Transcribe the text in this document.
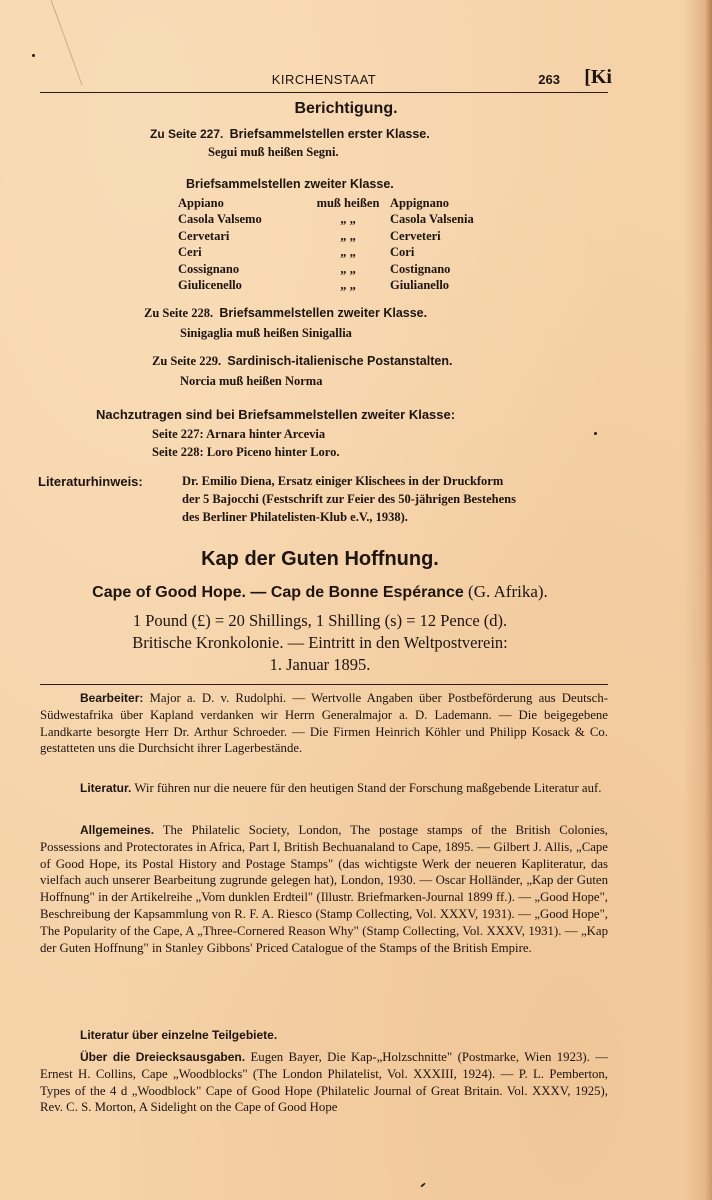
KIRCHENSTAAT	263 [Ki
Berichtigung.
Zu Seite 227. Briefsammelstellen erster Klasse.
Segui muß heißen Segni.
Briefsammelstellen zweiter Klasse.
Appiano	muß heißen	Appignano
Casola Valsemo	„ „	Casola Valsenia
Cervetari	„ „	Cerveteri
Ceri	„ „	Cori
Cossignano	„ „	Costignano
Giulicenello	„ „	Giulianello
Zu Seite 228. Briefsammelstellen zweiter Klasse.
Sinigaglia muß heißen Sinigallia
Zu Seite 229. Sardinisch-italienische Postanstalten.
Norcia muß heißen Norma
Nachzutragen sind bei Briefsammelstellen zweiter Klasse:
Seite 227: Arnara hinter Arcevia
Seite 228: Loro Piceno hinter Loro.
Literaturhinweis:	Dr. Emilio Diena, Ersatz einiger Klischees in der Druckform
der 5 Bajocchi (Festschrift zur Feier des 50-jährigen Bestehens
des Berliner Philatelisten-Klub e.V., 1938).
Kap der Guten Hoffnung.
Cape of Good Hope. — Cap de Bonne Espérance (G. Afrika).
1 Pound (£) = 20 Shillings, 1 Shilling (s) = 12 Pence (d).
Britische Kronkolonie. — Eintritt in den Weltpostverein:
1. Januar 1895.
Bearbeiter: Major a. D. v. Rudolphi. — Wertvolle Angaben über Postbeförderung aus Deutsch-Südwestafrika über Kapland verdanken wir Herrn Generalmajor a. D. Lademann. — Die beigegebene Landkarte besorgte Herr Dr. Arthur Schroeder. — Die Firmen Heinrich Köhler und Philipp Kosack & Co. gestatteten uns die Durchsicht ihrer Lagerbestände.
Literatur. Wir führen nur die neuere für den heutigen Stand der Forschung maßgebende Literatur auf.
Allgemeines. The Philatelic Society, London, The postage stamps of the British Colonies, Possessions and Protectorates in Africa, Part I, British Bechuanaland to Cape, 1895. — Gilbert J. Allis, „Cape of Good Hope, its Postal History and Postage Stamps" (das wichtigste Werk der neueren Kapliteratur, das vielfach auch unserer Bearbeitung zugrunde gelegen hat), London, 1930. — Oscar Holländer, „Kap der Guten Hoffnung" in der Artikelreihe „Vom dunklen Erdteil" (Illustr. Briefmarken-Journal 1899 ff.). — „Good Hope", Beschreibung der Kapsammlung von R. F. A. Riesco (Stamp Collecting, Vol. XXXV, 1931). — „Good Hope", The Popularity of the Cape, A „Three-Cornered Reason Why" (Stamp Collecting, Vol. XXXV, 1931). — „Kap der Guten Hoffnung" in Stanley Gibbons' Priced Catalogue of the Stamps of the British Empire.
Literatur über einzelne Teilgebiete.
Über die Dreiecksausgaben. Eugen Bayer, Die Kap-„Holzschnitte" (Postmarke, Wien 1923). — Ernest H. Collins, Cape „Woodblocks" (The London Philatelist, Vol. XXXIII, 1924). — P. L. Pemberton, Types of the 4 d „Woodblock" Cape of Good Hope (Philatelic Journal of Great Britain. Vol. XXXV, 1925), Rev. C. S. Morton, A Sidelight on the Cape of Good Hope
